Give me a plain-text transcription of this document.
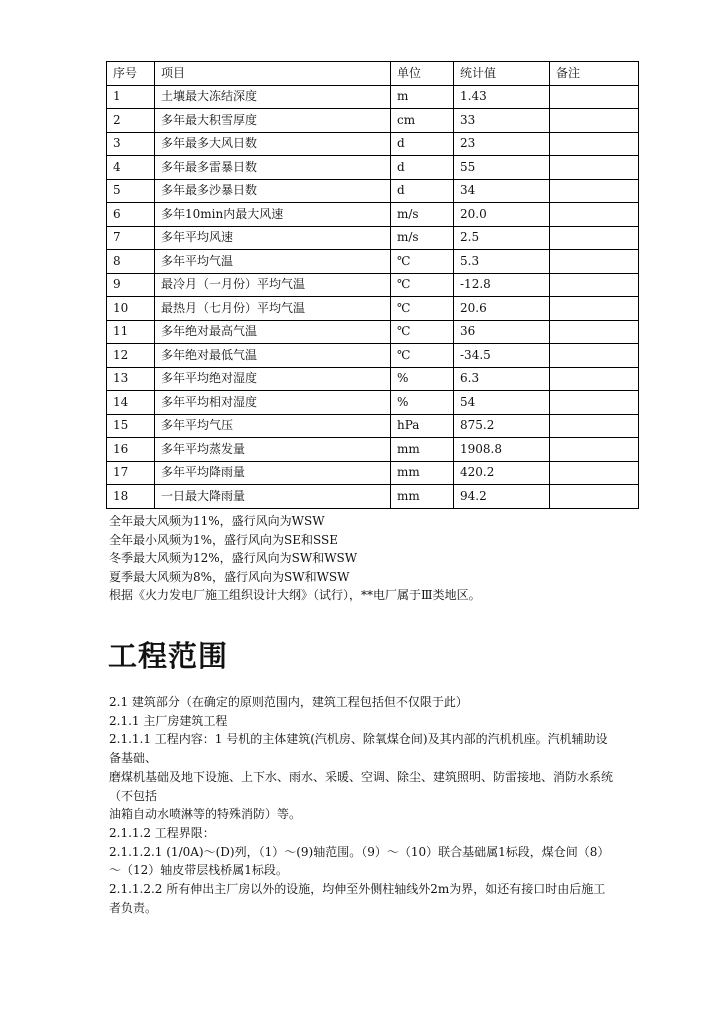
序号	项目	单位	统计值	备注
1	土壤最大冻结深度	m	1.43	
2	多年最大积雪厚度	cm	33	
3	多年最多大风日数	d	23	
4	多年最多雷暴日数	d	55	
5	多年最多沙暴日数	d	34	
6	多年10min内最大风速	m/s	20.0	
7	多年平均风速	m/s	2.5	
8	多年平均气温	℃	5.3	
9	最冷月（一月份）平均气温	℃	-12.8	
10	最热月（七月份）平均气温	℃	20.6	
11	多年绝对最高气温	℃	36	
12	多年绝对最低气温	℃	-34.5	
13	多年平均绝对湿度	%	6.3	
14	多年平均相对湿度	%	54	
15	多年平均气压	hPa	875.2	
16	多年平均蒸发量	mm	1908.8	
17	多年平均降雨量	mm	420.2	
18	一日最大降雨量	mm	94.2	
全年最大风频为11%，盛行风向为WSW
全年最小风频为1%，盛行风向为SE和SSE
冬季最大风频为12%，盛行风向为SW和WSW
夏季最大风频为8%，盛行风向为SW和WSW
根据《火力发电厂施工组织设计大纲》（试行），**电厂属于Ⅲ类地区。
工程范围

2.1 建筑部分（在确定的原则范围内，建筑工程包括但不仅限于此）

2.1.1 主厂房建筑工程

2.1.1.1 工程内容：1 号机的主体建筑(汽机房、除氧煤仓间)及其内部的汽机机座。汽机辅助设备基础、

磨煤机基础及地下设施、上下水、雨水、采暖、空调、除尘、建筑照明、防雷接地、消防水系统（不包括

油箱自动水喷淋等的特殊消防）等。

2.1.1.2 工程界限：

2.1.1.2.1 (1/0A)～(D)列，（1）～(9)轴范围。（9）～（10）联合基础属1标段，煤仓间（8）～（12）轴皮带层栈桥属1标段。

2.1.1.2.2 所有伸出主厂房以外的设施，均伸至外侧柱轴线外2m为界，如还有接口时由后施工者负责。
